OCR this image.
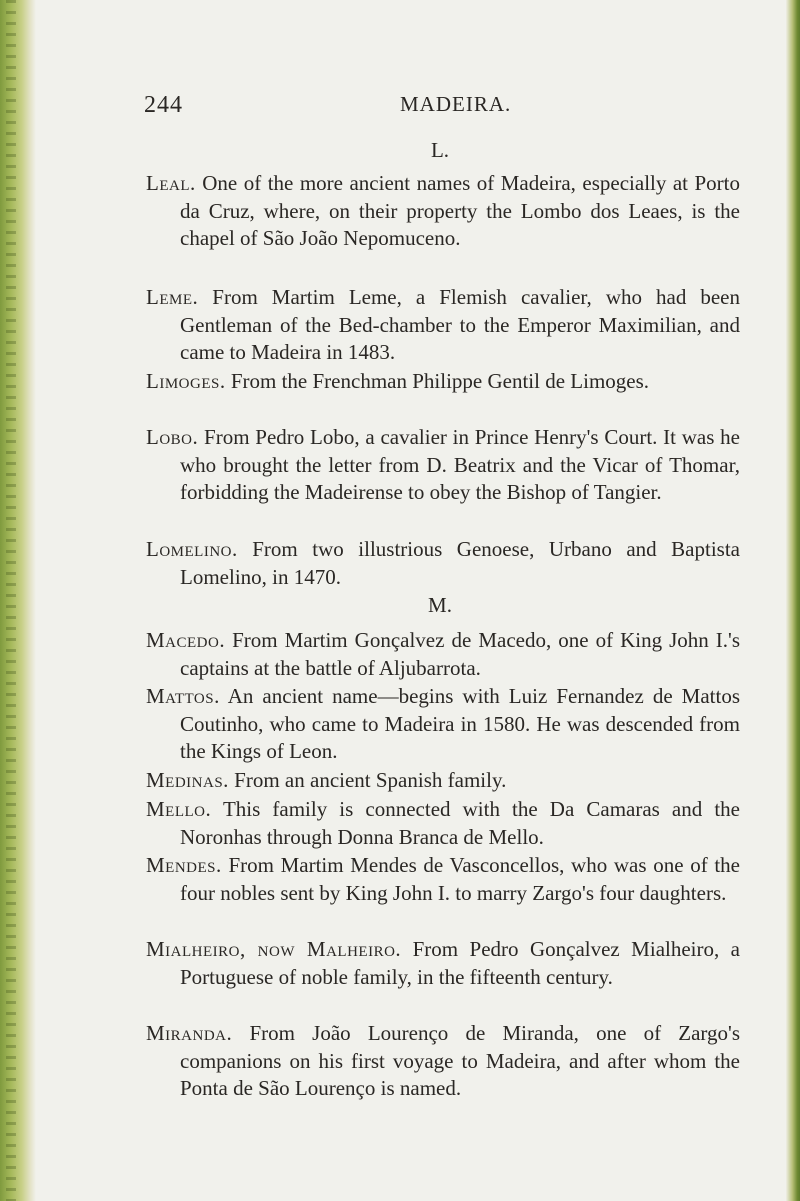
244	MADEIRA.
L.
Leal. One of the more ancient names of Madeira, especially at Porto da Cruz, where, on their property the Lombo dos Leaes, is the chapel of São João Nepomuceno.
Leme. From Martim Leme, a Flemish cavalier, who had been Gentleman of the Bed-chamber to the Emperor Maximilian, and came to Madeira in 1483.
Limoges. From the Frenchman Philippe Gentil de Limoges.
Lobo. From Pedro Lobo, a cavalier in Prince Henry's Court. It was he who brought the letter from D. Beatrix and the Vicar of Thomar, forbidding the Madeirense to obey the Bishop of Tangier.
Lomelino. From two illustrious Genoese, Urbano and Baptista Lomelino, in 1470.
M.
Macedo. From Martim Gonçalvez de Macedo, one of King John I.'s captains at the battle of Aljubarrota.
Mattos. An ancient name—begins with Luiz Fernandez de Mattos Coutinho, who came to Madeira in 1580. He was descended from the Kings of Leon.
Medinas. From an ancient Spanish family.
Mello. This family is connected with the Da Camaras and the Noronhas through Donna Branca de Mello.
Mendes. From Martim Mendes de Vasconcellos, who was one of the four nobles sent by King John I. to marry Zargo's four daughters.
Mialheiro, now Malheiro. From Pedro Gonçalvez Mialheiro, a Portuguese of noble family, in the fifteenth century.
Miranda. From João Lourenço de Miranda, one of Zargo's companions on his first voyage to Madeira, and after whom the Ponta de São Lourenço is named.
